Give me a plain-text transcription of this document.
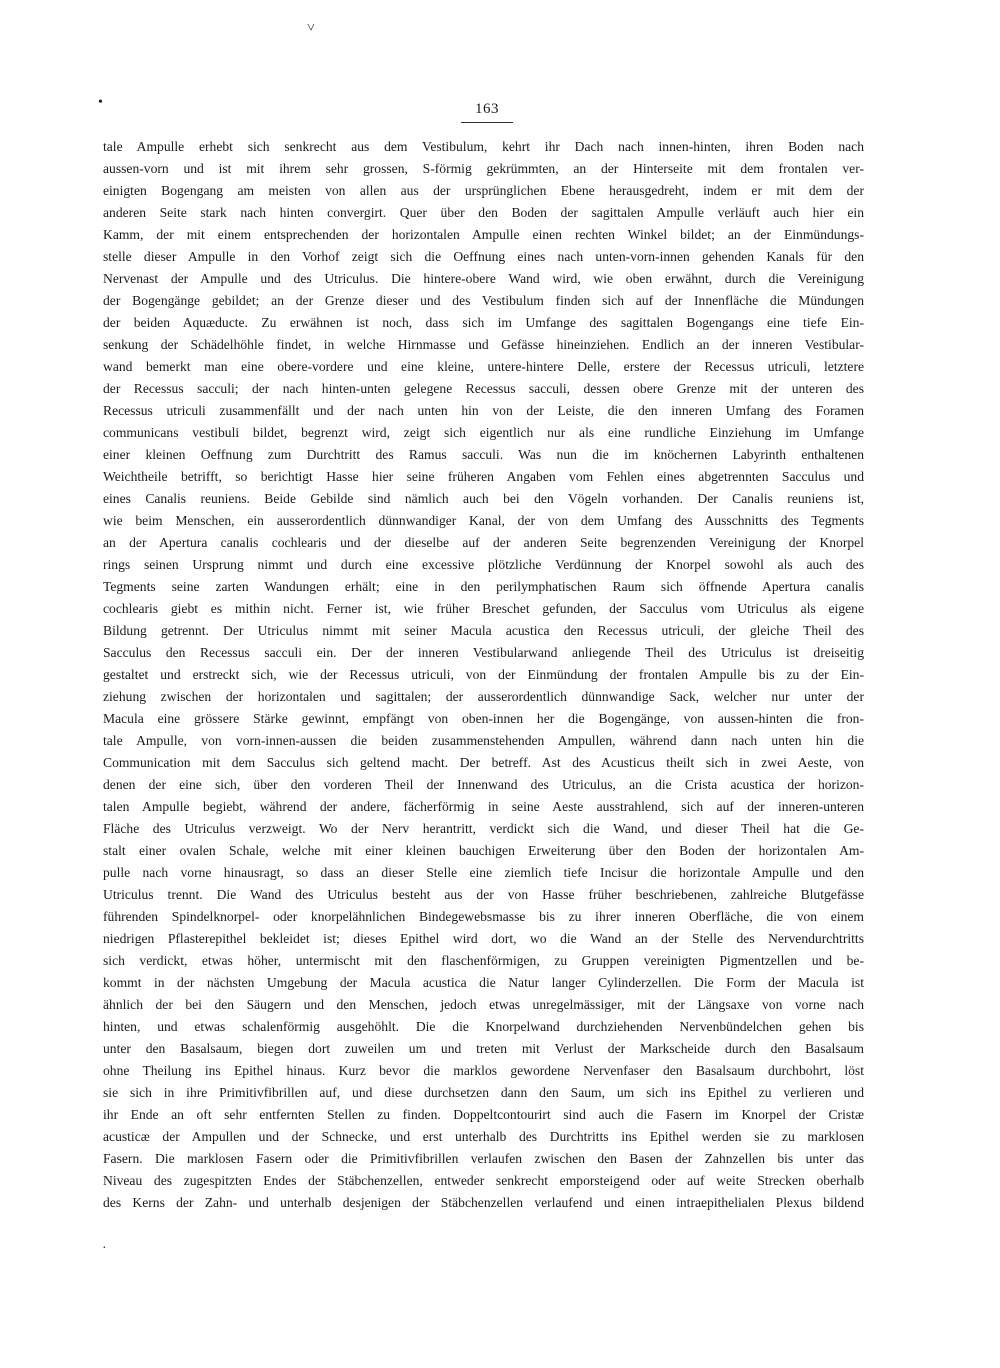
˅
•
·
163
tale Ampulle erhebt sich senkrecht aus dem Vestibulum, kehrt ihr Dach nach innen-hinten, ihren Boden nach
aussen-vorn und ist mit ihrem sehr grossen, S-förmig gekrümmten, an der Hinterseite mit dem frontalen ver-
einigten Bogengang am meisten von allen aus der ursprünglichen Ebene herausgedreht, indem er mit dem der
anderen Seite stark nach hinten convergirt. Quer über den Boden der sagittalen Ampulle verläuft auch hier ein
Kamm, der mit einem entsprechenden der horizontalen Ampulle einen rechten Winkel bildet; an der Einmündungs-
stelle dieser Ampulle in den Vorhof zeigt sich die Oeffnung eines nach unten-vorn-innen gehenden Kanals für den
Nervenast der Ampulle und des Utriculus. Die hintere-obere Wand wird, wie oben erwähnt, durch die Vereinigung
der Bogengänge gebildet; an der Grenze dieser und des Vestibulum finden sich auf der Innenfläche die Mündungen
der beiden Aquæducte. Zu erwähnen ist noch, dass sich im Umfange des sagittalen Bogengangs eine tiefe Ein-
senkung der Schädelhöhle findet, in welche Hirnmasse und Gefässe hineinziehen. Endlich an der inneren Vestibular-
wand bemerkt man eine obere-vordere und eine kleine, untere-hintere Delle, erstere der Recessus utriculi, letztere
der Recessus sacculi; der nach hinten-unten gelegene Recessus sacculi, dessen obere Grenze mit der unteren des
Recessus utriculi zusammenfällt und der nach unten hin von der Leiste, die den inneren Umfang des Foramen
communicans vestibuli bildet, begrenzt wird, zeigt sich eigentlich nur als eine rundliche Einziehung im Umfange
einer kleinen Oeffnung zum Durchtritt des Ramus sacculi. Was nun die im knöchernen Labyrinth enthaltenen
Weichtheile betrifft, so berichtigt Hasse hier seine früheren Angaben vom Fehlen eines abgetrennten Sacculus und
eines Canalis reuniens. Beide Gebilde sind nämlich auch bei den Vögeln vorhanden. Der Canalis reuniens ist,
wie beim Menschen, ein ausserordentlich dünnwandiger Kanal, der von dem Umfang des Ausschnitts des Tegments
an der Apertura canalis cochlearis und der dieselbe auf der anderen Seite begrenzenden Vereinigung der Knorpel
rings seinen Ursprung nimmt und durch eine excessive plötzliche Verdünnung der Knorpel sowohl als auch des
Tegments seine zarten Wandungen erhält; eine in den perilymphatischen Raum sich öffnende Apertura canalis
cochlearis giebt es mithin nicht. Ferner ist, wie früher Breschet gefunden, der Sacculus vom Utriculus als eigene
Bildung getrennt. Der Utriculus nimmt mit seiner Macula acustica den Recessus utriculi, der gleiche Theil des
Sacculus den Recessus sacculi ein. Der der inneren Vestibularwand anliegende Theil des Utriculus ist dreiseitig
gestaltet und erstreckt sich, wie der Recessus utriculi, von der Einmündung der frontalen Ampulle bis zu der Ein-
ziehung zwischen der horizontalen und sagittalen; der ausserordentlich dünnwandige Sack, welcher nur unter der
Macula eine grössere Stärke gewinnt, empfängt von oben-innen her die Bogengänge, von aussen-hinten die fron-
tale Ampulle, von vorn-innen-aussen die beiden zusammenstehenden Ampullen, während dann nach unten hin die
Communication mit dem Sacculus sich geltend macht. Der betreff. Ast des Acusticus theilt sich in zwei Aeste, von
denen der eine sich, über den vorderen Theil der Innenwand des Utriculus, an die Crista acustica der horizon-
talen Ampulle begiebt, während der andere, fächerförmig in seine Aeste ausstrahlend, sich auf der inneren-unteren
Fläche des Utriculus verzweigt. Wo der Nerv herantritt, verdickt sich die Wand, und dieser Theil hat die Ge-
stalt einer ovalen Schale, welche mit einer kleinen bauchigen Erweiterung über den Boden der horizontalen Am-
pulle nach vorne hinausragt, so dass an dieser Stelle eine ziemlich tiefe Incisur die horizontale Ampulle und den
Utriculus trennt. Die Wand des Utriculus besteht aus der von Hasse früher beschriebenen, zahlreiche Blutgefässe
führenden Spindelknorpel- oder knorpelähnlichen Bindegewebsmasse bis zu ihrer inneren Oberfläche, die von einem
niedrigen Pflasterepithel bekleidet ist; dieses Epithel wird dort, wo die Wand an der Stelle des Nervendurchtritts
sich verdickt, etwas höher, untermischt mit den flaschenförmigen, zu Gruppen vereinigten Pigmentzellen und be-
kommt in der nächsten Umgebung der Macula acustica die Natur langer Cylinderzellen. Die Form der Macula ist
ähnlich der bei den Säugern und den Menschen, jedoch etwas unregelmässiger, mit der Längsaxe von vorne nach
hinten, und etwas schalenförmig ausgehöhlt. Die die Knorpelwand durchziehenden Nervenbündelchen gehen bis
unter den Basalsaum, biegen dort zuweilen um und treten mit Verlust der Markscheide durch den Basalsaum
ohne Theilung ins Epithel hinaus. Kurz bevor die marklos gewordene Nervenfaser den Basalsaum durchbohrt, löst
sie sich in ihre Primitivfibrillen auf, und diese durchsetzen dann den Saum, um sich ins Epithel zu verlieren und
ihr Ende an oft sehr entfernten Stellen zu finden. Doppeltcontourirt sind auch die Fasern im Knorpel der Cristæ
acusticæ der Ampullen und der Schnecke, und erst unterhalb des Durchtritts ins Epithel werden sie zu marklosen
Fasern. Die marklosen Fasern oder die Primitivfibrillen verlaufen zwischen den Basen der Zahnzellen bis unter das
Niveau des zugespitzten Endes der Stäbchenzellen, entweder senkrecht emporsteigend oder auf weite Strecken oberhalb
des Kerns der Zahn- und unterhalb desjenigen der Stäbchenzellen verlaufend und einen intraepithelialen Plexus bildend
